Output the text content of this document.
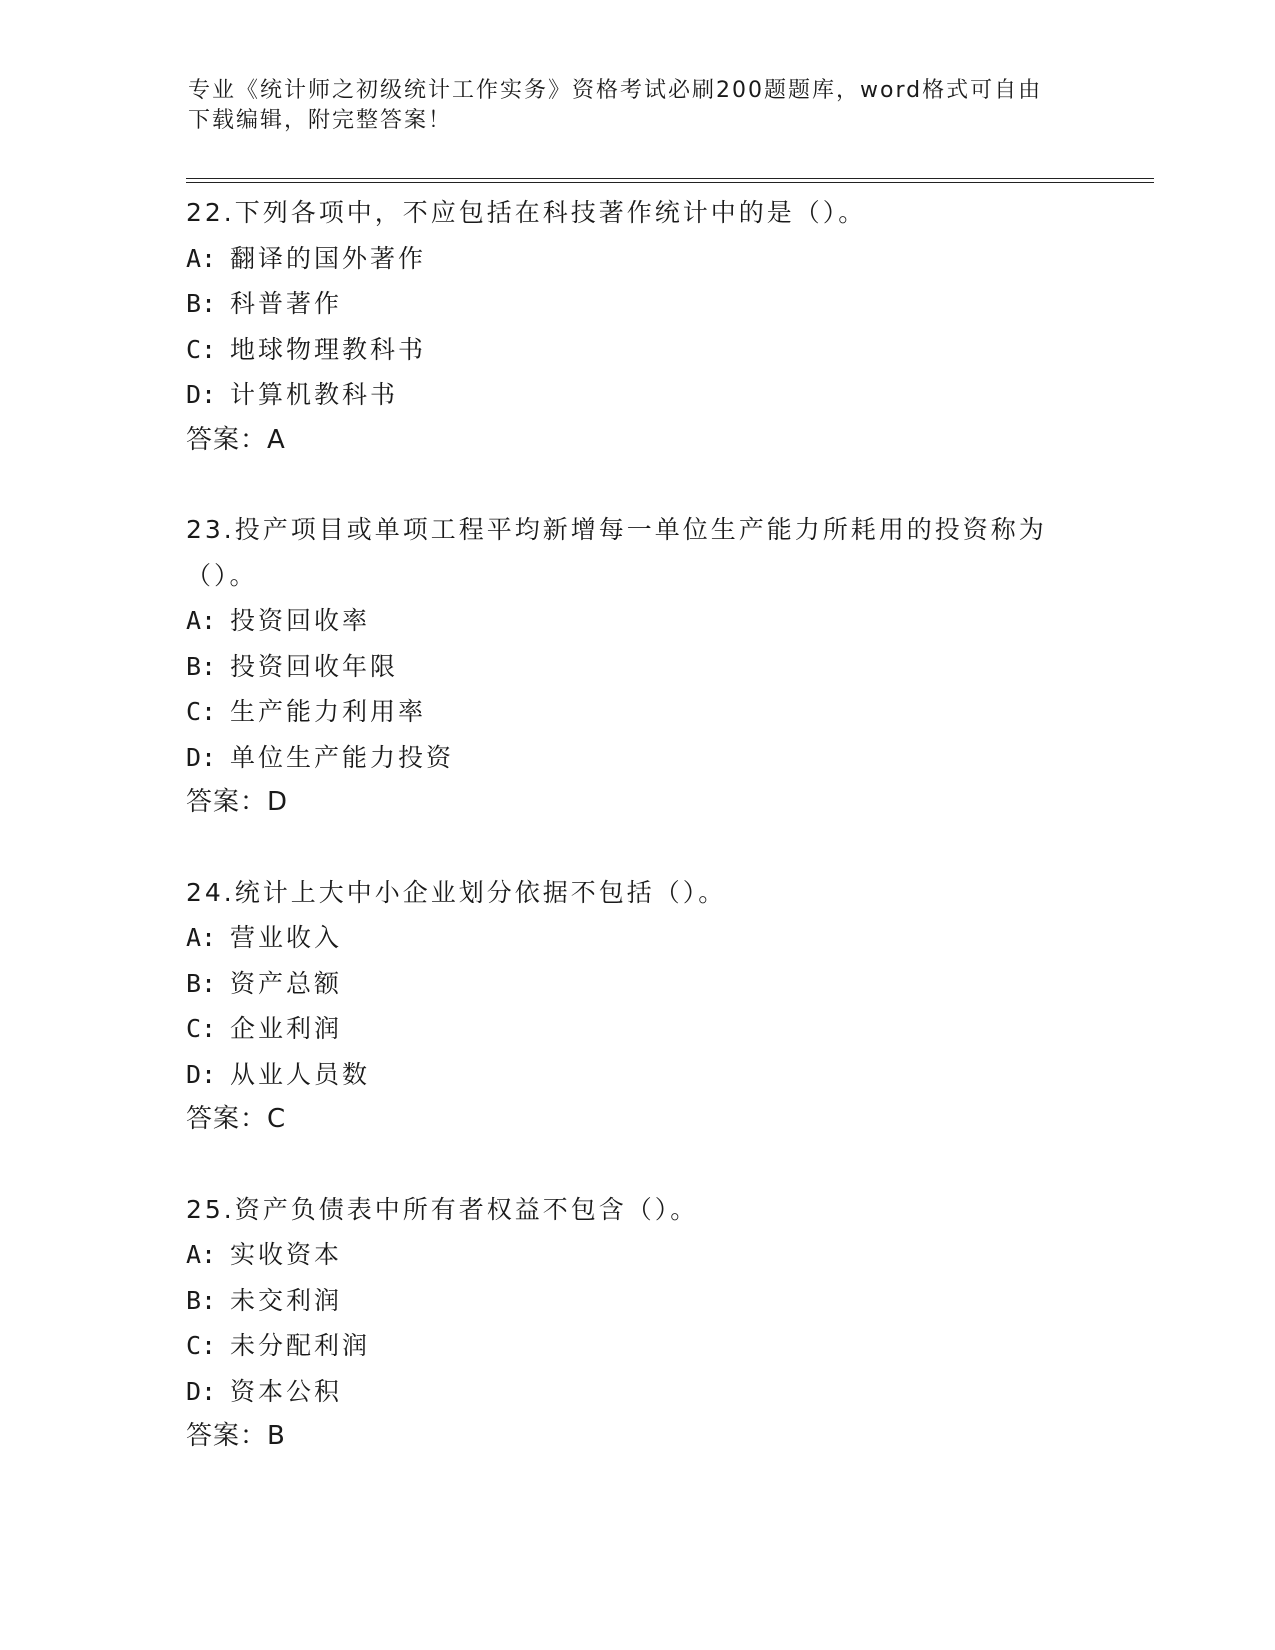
专业《统计师之初级统计工作实务》资格考试必刷200题题库，word格式可自由
下载编辑，附完整答案！
22.下列各项中，不应包括在科技著作统计中的是（）。
A: 翻译的国外著作
B: 科普著作
C: 地球物理教科书
D: 计算机教科书
答案：A
23.投产项目或单项工程平均新增每一单位生产能力所耗用的投资称为
（）。
A: 投资回收率
B: 投资回收年限
C: 生产能力利用率
D: 单位生产能力投资
答案：D
24.统计上大中小企业划分依据不包括（）。
A: 营业收入
B: 资产总额
C: 企业利润
D: 从业人员数
答案：C
25.资产负债表中所有者权益不包含（）。
A: 实收资本
B: 未交利润
C: 未分配利润
D: 资本公积
答案：B
